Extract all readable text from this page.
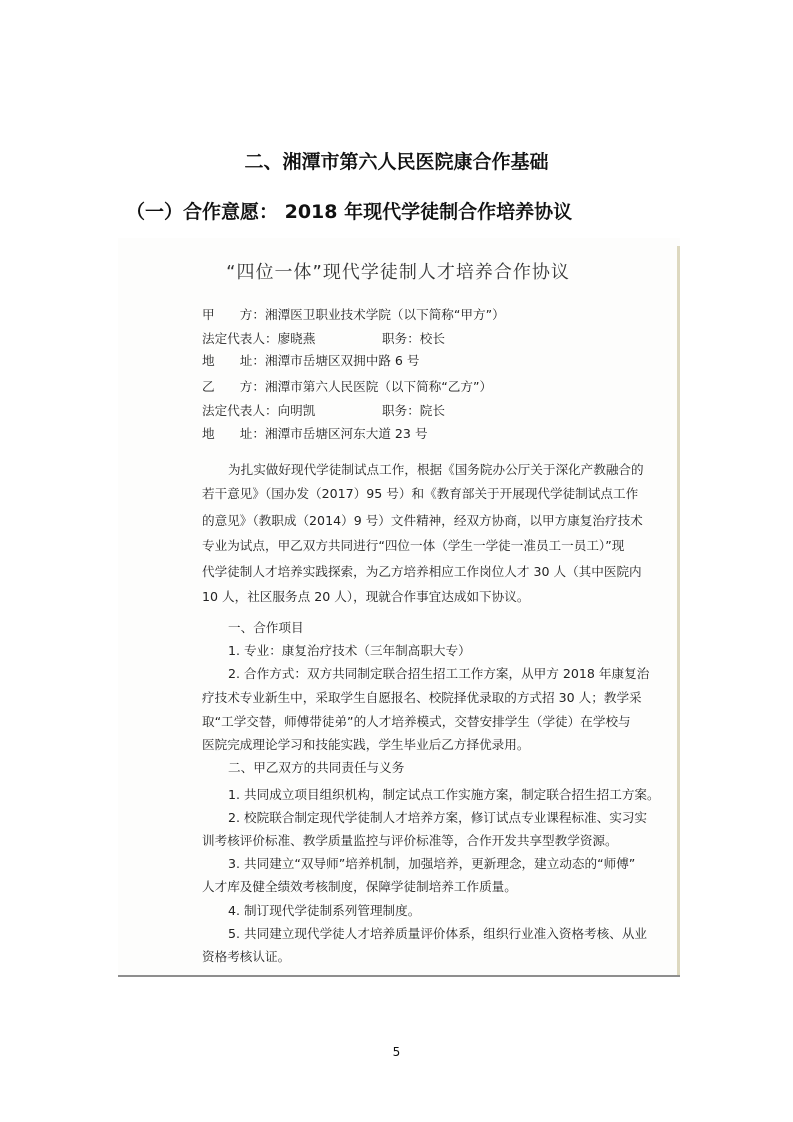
二、湘潭市第六人民医院康合作基础
（一）合作意愿： 2018 年现代学徒制合作培养协议
“四位一体”现代学徒制人才培养合作协议
甲　　方：湘潭医卫职业技术学院（以下简称“甲方”）
法定代表人：廖晓燕	职务：校长
地　　址：湘潭市岳塘区双拥中路 6 号
乙　　方：湘潭市第六人民医院（以下简称“乙方”）
法定代表人：向明凯	职务：院长
地　　址：湘潭市岳塘区河东大道 23 号
为扎实做好现代学徒制试点工作，根据《国务院办公厅关于深化产教融合的
若干意见》（国办发（2017）95 号）和《教育部关于开展现代学徒制试点工作
的意见》（教职成（2014）9 号）文件精神，经双方协商，以甲方康复治疗技术
专业为试点，甲乙双方共同进行“四位一体（学生一学徒一准员工一员工）”现
代学徒制人才培养实践探索，为乙方培养相应工作岗位人才 30 人（其中医院内
10 人，社区服务点 20 人），现就合作事宜达成如下协议。
一、合作项目
1. 专业：康复治疗技术（三年制高职大专）
2. 合作方式：双方共同制定联合招生招工工作方案，从甲方 2018 年康复治
疗技术专业新生中，采取学生自愿报名、校院择优录取的方式招 30 人；教学采
取“工学交替，师傅带徒弟”的人才培养模式，交替安排学生（学徒）在学校与
医院完成理论学习和技能实践，学生毕业后乙方择优录用。
二、甲乙双方的共同责任与义务
1. 共同成立项目组织机构，制定试点工作实施方案，制定联合招生招工方案。
2. 校院联合制定现代学徒制人才培养方案，修订试点专业课程标准、实习实
训考核评价标准、教学质量监控与评价标准等，合作开发共享型教学资源。
3. 共同建立“双导师”培养机制，加强培养，更新理念，建立动态的“师傅”
人才库及健全绩效考核制度，保障学徒制培养工作质量。
4. 制订现代学徒制系列管理制度。
5. 共同建立现代学徒人才培养质量评价体系，组织行业准入资格考核、从业
资格考核认证。
5
